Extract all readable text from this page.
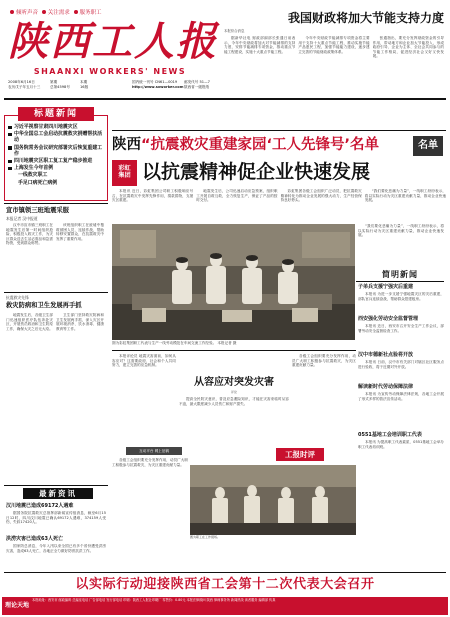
倾听声音 关注需求 服务职工
陕西工人报
SHAANXI WORKERS' NEWS
2008年6月16日
农历戊子年五月十三
第期
总第4598号
本期16版
国内统一刊号 CN61—0019
http://www.sxworker.com
邮发代号 51—7
陕西省一级报纸
我国财政将加大节能支持力度
本报综合消息

据新华社电 财政部副部长张通日前表示，今年中央财政将加大对节能减排的支持力度，安排节能减排专项资金，推动重点节能工程建设，实施十大重点节能工程。

今年中央财政节能减排专项资金将主要用于支持十大重点节能工程，推动实施节能产品惠民工程，加强节能能力建设，逐步建立完善的节能财政政策体系。

张通指出，要充分发挥财政资金的引导作用，带动地方和企业加大节能投入，形成政府引导、企业为主体、全社会共同参与的节能工作格局，促进经济社会又好又快发展。

标题新闻
习近平视察甘肃四川地震灾区
中华全国总工会启动抗震救灾捐赠帮扶活动
国务院常务会议研究部署灾后恢复重建工作
四川地震灾区职工复工复产稳步推进
上海发生今年首例
一线救灾职工
手足口病死亡病例
陕西“抗震救灾重建家园‘工人先锋号’名单	名单
彩虹
集团 以抗震精神促企业快速发展

本报讯 近日，彩虹集团公司职工积极响应号召，在抗震救灾中发挥先锋作用，捐款捐物，支援灾区重建。

地震发生后，公司迅速启动应急预案，组织职工开展自救互救，全力恢复生产，保证了产品的按时交付。

彩虹集团各级工会组织广泛动员，把抗震救灾精神转化为推动企业发展的强大动力，生产经营保持良好势头。

“我们要化悲痛为力量”，一线职工纷纷表示，将以实际行动为灾区重建贡献力量，推动企业快速发展。

图为彩虹集团职工代表与生产一线劳动模范在车间交流工作经验。 本报记者 摄
宣市镇领三班地震采服
本报记者 汉中报道

汉中市宣市镇三班职工在地震发生后第一时间组织抢险，积极投入救灾工作，为灾区群众送去生活必需品和急需物资，受到群众称赞。

该班组织职工在废墟中搜救被困人员，连续作战，帮助转移安置群众，在抗震救灾中发挥了重要作用。

抗震救灾先锋
救灾防病和卫生发展再手抓

地震发生后，各级卫生部门迅速组织医疗队伍奔赴灾区，开展伤员救治和卫生防疫工作，确保大灾之后无大疫。

卫生部门坚持救灾防病和卫生发展两手抓，深入灾区开展环境消杀、饮水消毒、健康教育等工作。

最新资讯
汉川地震已造成69172人遇难

据国务院抗震救灾总指挥部新闻宣传组消息，截至6月15日12时，四川汶川地震已确认69172人遇难，374159人受伤，失踪17420人。

洪涝灾害已造成63人死亡

国家防总消息，今年入汛以来全国已有多个省份遭受洪涝灾害，造成63人死亡，各地正全力做好防汛抗洪工作。

“我们要化悲痛为力量”，一线职工纷纷表示，将以实际行动为灾区重建贡献力量，推动企业快速发展。

简明新闻
子弟兵支援宁强灾后重建

本报讯 为进一步支援宁强地震灾区的灾后重建，部队官兵连续奋战，帮助群众搭建板房。

西安强化劳动安全监督管理

本报讯 近日，西安市召开安全生产工作会议，部署劳动安全监督检查工作。

汉中市德新社点验将开放

本报讯 日前，汉中市有关部门对辖区社区服务点进行验收，将于近期对外开放。

解读新时代劳动保障法律

本报讯 为宣传劳动保障法律法规，各地工会开展了形式多样的普法宣传活动。

0551基地工会培训职工代表

本报讯 为提高职工代表素质，0551基地工会举办职工代表培训班。

本报评论员 地震灾害面前，如何从容应对？这需要政府、社会和个人共同努力，建立完善的应急机制。

从容应对突发灾害
评论

提高全民防灾意识，普及应急避险知识，才能在灾害来临时从容不迫，最大限度减少人员伤亡和财产损失。

各级工会组织要充分发挥作用，动员广大职工积极参与抗震救灾，为灾区重建贡献力量。

互动平台 网上征稿

各级工会组织要充分发挥作用，动员广大职工积极参与抗震救灾，为灾区重建贡献力量。

工报时评
图为职工在工作现场。
以实际行动迎接陕西省工会第十二次代表大会召开
理论天地
本报地址：西安市 邮政编码 总编室电话 广告部电话 发行部电话 印刷：陕西工人报社印刷厂 零售价：0.80元 本报法律顾问 陕西 律师事务所 新闻热线 读者服务 编辑部 传真
